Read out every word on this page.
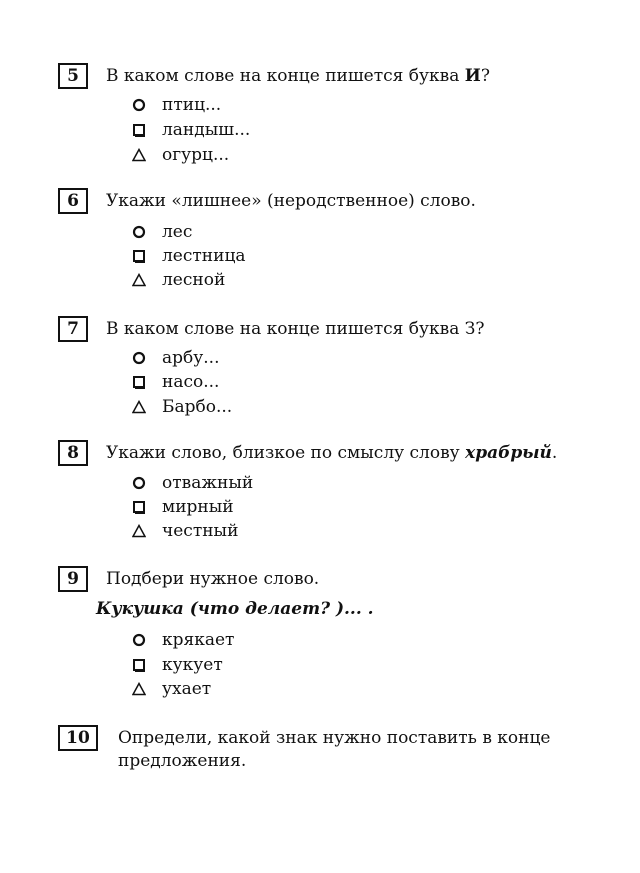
5	В каком слове на конце пишется буква И?
птиц...
ландыш...
огурц...
6	Укажи «лишнее» (неродственное) слово.
лес
лестница
лесной
7	В каком слове на конце пишется буква З?
арбу...
насо...
Барбо...
8	Укажи слово, близкое по смыслу слову храбрый.
отважный
мирный
честный
9	Подбери нужное слово.
Кукушка (что делает? )... .
крякает
кукует
ухает
10	Определи, какой знак нужно поставить в конце
предложения.
